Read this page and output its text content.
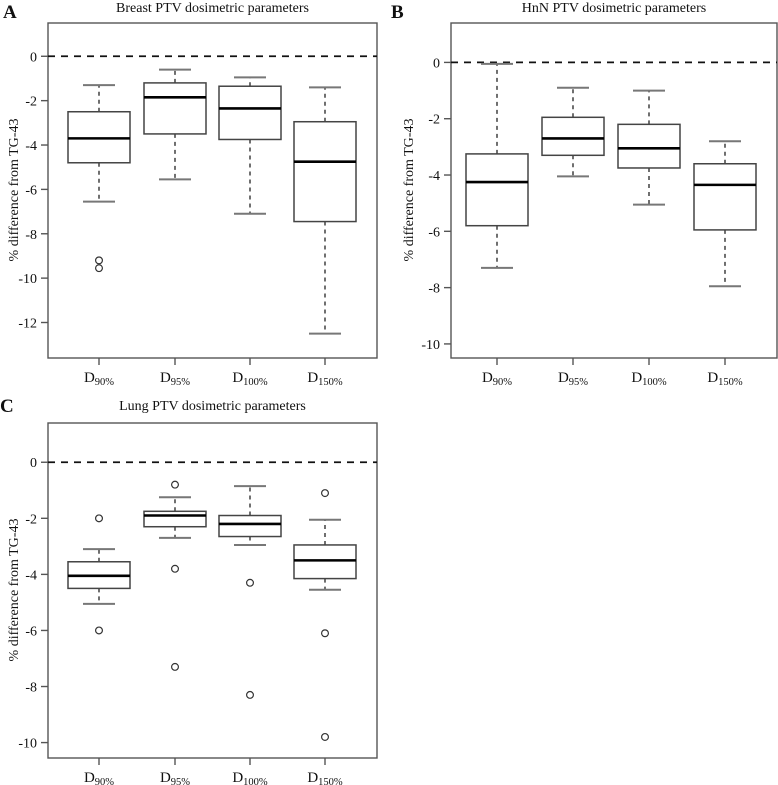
0
-2
-4
-6
-8
-10
-12
$D_{90\%}$	$D_{95\%}$	$D_{100\%}$	$D_{150\%}$
0
-2
-4
-6
-8
-10
$D_{90\%}$	$D_{95\%}$	$D_{100\%}$	$D_{150\%}$
0
-2
-4
-6
-8
-10
$D_{90\%}$	$D_{95\%}$	$D_{100\%}$	$D_{150\%}$
A	B
C
Breast PTV dosimetric parameters	HnN PTV dosimetric parameters
Lung PTV dosimetric parameters
% difference from TG-43	% difference from TG-43
% difference from TG-43
